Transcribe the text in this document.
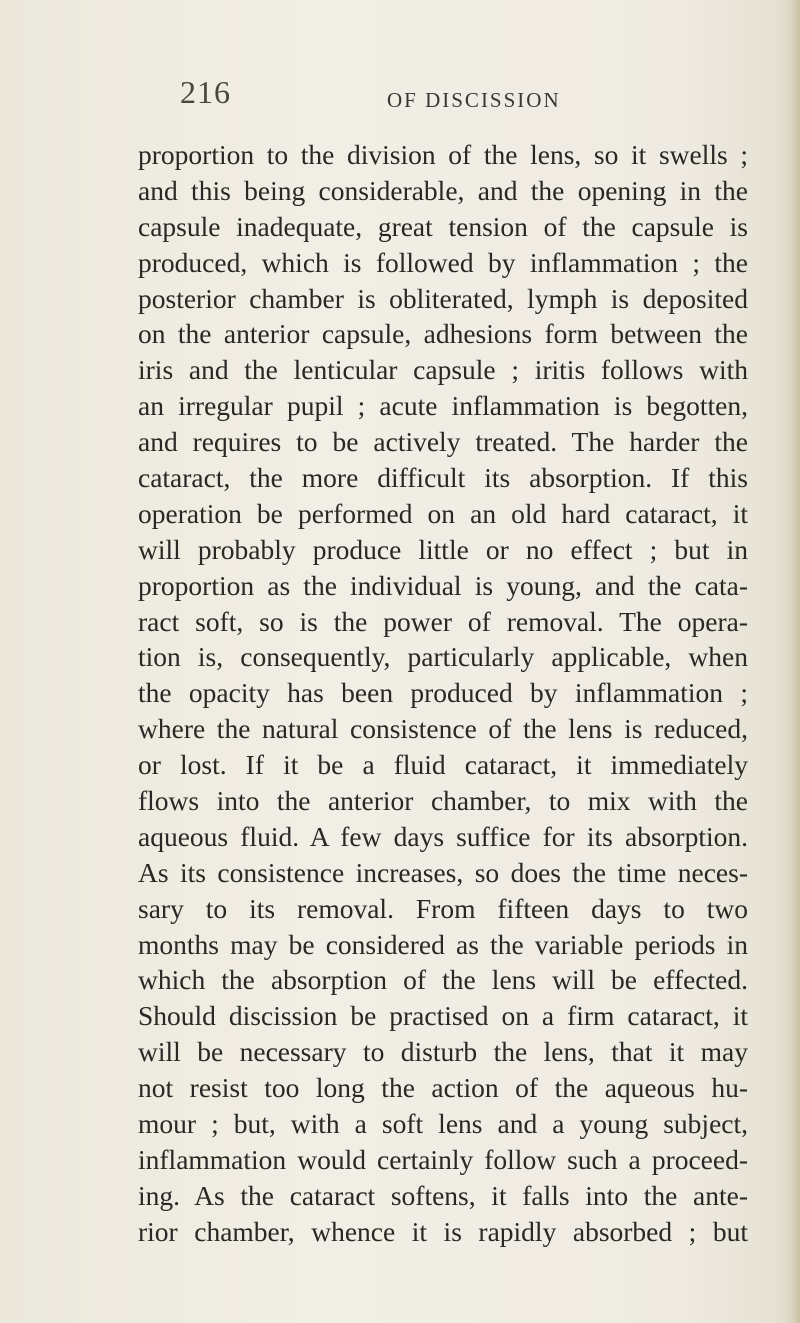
216	OF DISCISSION
proportion to the division of the lens, so it swells ;
and this being considerable, and the opening in the
capsule inadequate, great tension of the capsule is
produced, which is followed by inflammation ; the
posterior chamber is obliterated, lymph is deposited
on the anterior capsule, adhesions form between the
iris and the lenticular capsule ; iritis follows with
an irregular pupil ; acute inflammation is begotten,
and requires to be actively treated. The harder the
cataract, the more difficult its absorption. If this
operation be performed on an old hard cataract, it
will probably produce little or no effect ; but in
proportion as the individual is young, and the cata-
ract soft, so is the power of removal. The opera-
tion is, consequently, particularly applicable, when
the opacity has been produced by inflammation ;
where the natural consistence of the lens is reduced,
or lost. If it be a fluid cataract, it immediately
flows into the anterior chamber, to mix with the
aqueous fluid. A few days suffice for its absorption.
As its consistence increases, so does the time neces-
sary to its removal. From fifteen days to two
months may be considered as the variable periods in
which the absorption of the lens will be effected.
Should discission be practised on a firm cataract, it
will be necessary to disturb the lens, that it may
not resist too long the action of the aqueous hu-
mour ; but, with a soft lens and a young subject,
inflammation would certainly follow such a proceed-
ing. As the cataract softens, it falls into the ante-
rior chamber, whence it is rapidly absorbed ; but
